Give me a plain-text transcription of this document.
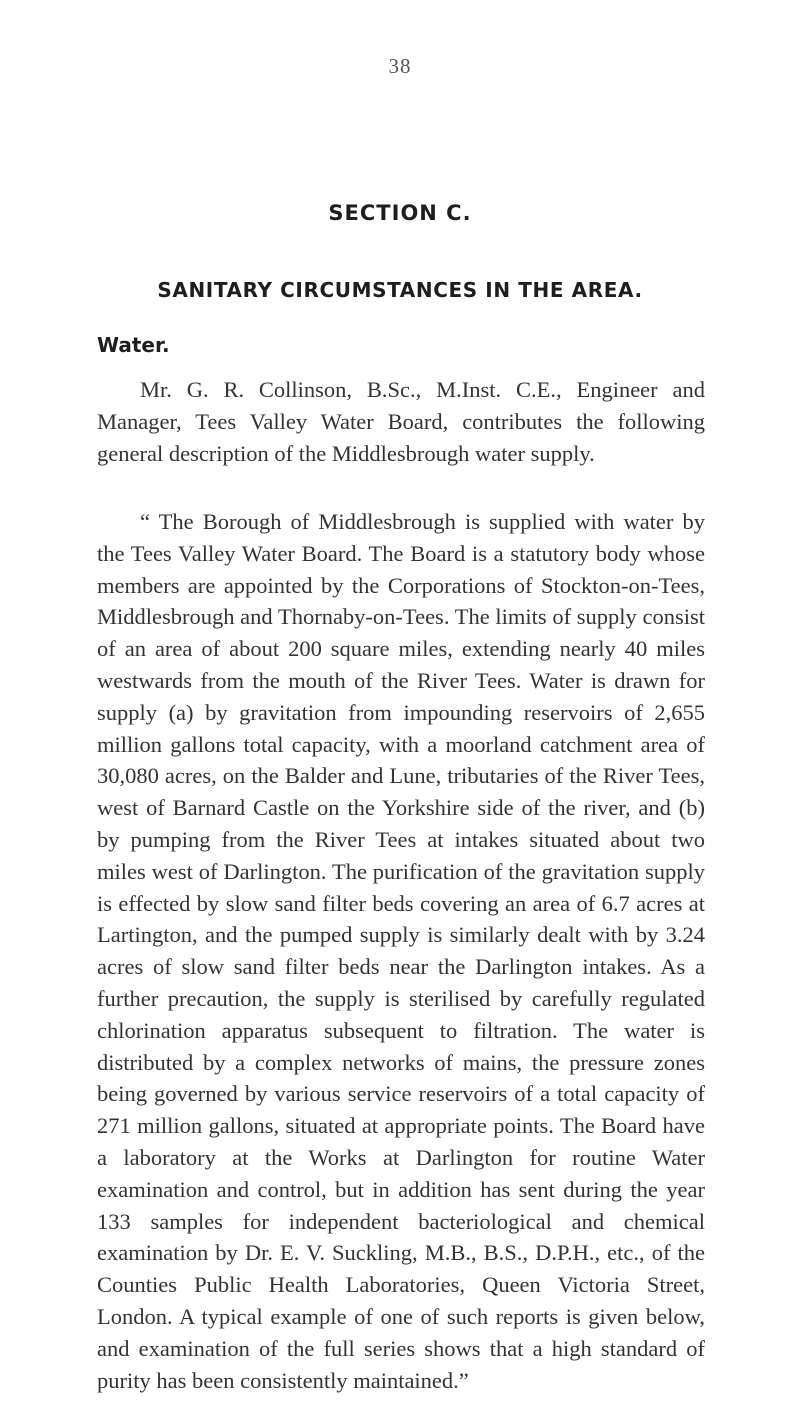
38
SECTION C.
SANITARY CIRCUMSTANCES IN THE AREA.
Water.

Mr. G. R. Collinson, B.Sc., M.Inst. C.E., Engineer and Manager, Tees Valley Water Board, contributes the following general description of the Middlesbrough water supply.

“ The Borough of Middlesbrough is supplied with water by the Tees Valley Water Board. The Board is a statutory body whose members are appointed by the Corporations of Stockton-on-Tees, Middlesbrough and Thornaby-on-Tees. The limits of supply consist of an area of about 200 square miles, extending nearly 40 miles westwards from the mouth of the River Tees. Water is drawn for supply (a) by gravitation from impounding reservoirs of 2,655 million gallons total capacity, with a moorland catchment area of 30,080 acres, on the Balder and Lune, tributaries of the River Tees, west of Barnard Castle on the Yorkshire side of the river, and (b) by pumping from the River Tees at intakes situated about two miles west of Darlington. The purification of the gravitation supply is effected by slow sand filter beds covering an area of 6.7 acres at Lartington, and the pumped supply is similarly dealt with by 3.24 acres of slow sand filter beds near the Darlington intakes. As a further precaution, the supply is sterilised by carefully regulated chlorination apparatus subsequent to filtration. The water is distributed by a complex networks of mains, the pressure zones being governed by various service reservoirs of a total capacity of 271 million gallons, situated at appropriate points. The Board have a laboratory at the Works at Darlington for routine Water examination and control, but in addition has sent during the year 133 samples for independent bacteriological and chemical examination by Dr. E. V. Suckling, M.B., B.S., D.P.H., etc., of the Counties Public Health Laboratories, Queen Victoria Street, London. A typical example of one of such reports is given below, and examination of the full series shows that a high standard of purity has been consistently maintained.”
